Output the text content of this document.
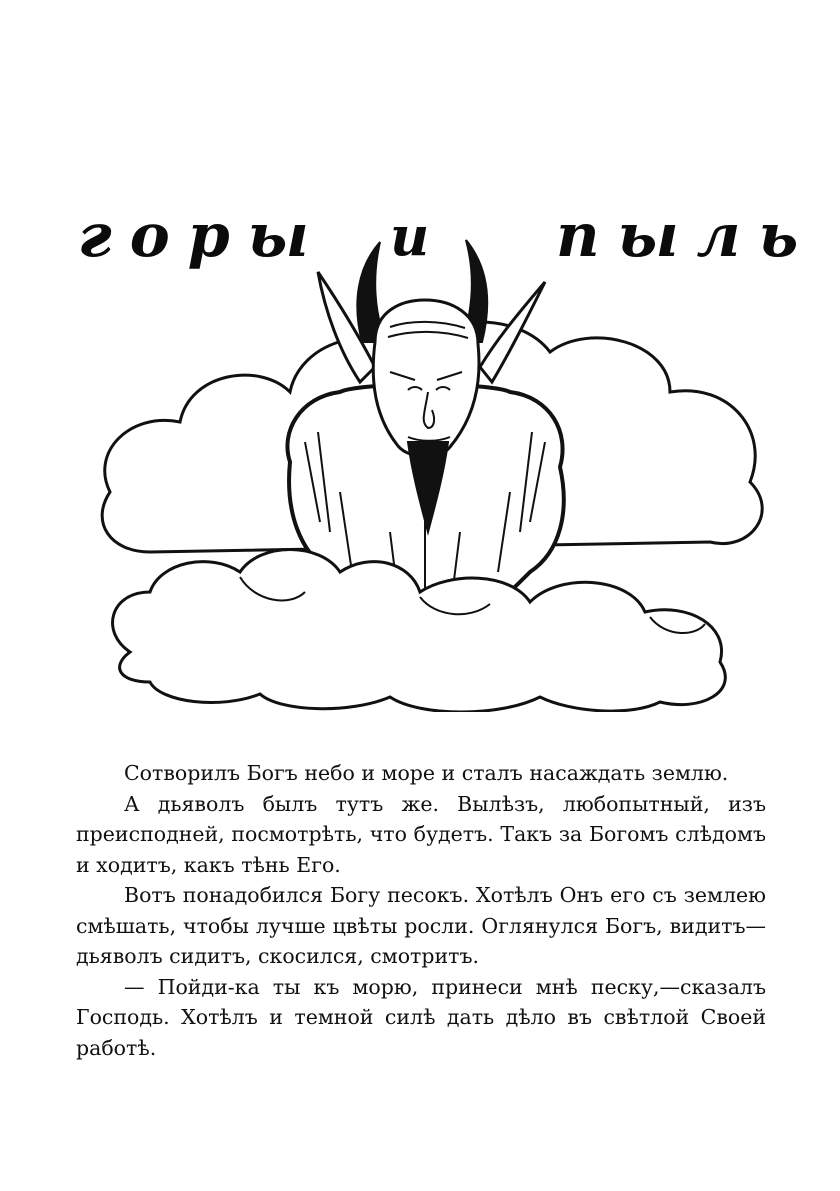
горы и пыль

Сотворилъ Богъ небо и море и сталъ насаждать землю.

А дьяволъ былъ тутъ же. Вылѣзъ, любопытный, изъ преисподней, посмотрѣть, что будетъ. Такъ за Богомъ слѣдомъ и ходитъ, какъ тѣнь Его.

Вотъ понадобился Богу песокъ. Хотѣлъ Онъ его съ землею смѣшать, чтобы лучше цвѣты росли. Оглянулся Богъ, видитъ—дьяволъ сидитъ, скосился, смотритъ.

— Пойди-ка ты къ морю, принеси мнѣ песку,—сказалъ Господь. Хотѣлъ и темной силѣ дать дѣло въ свѣтлой Своей работѣ.
